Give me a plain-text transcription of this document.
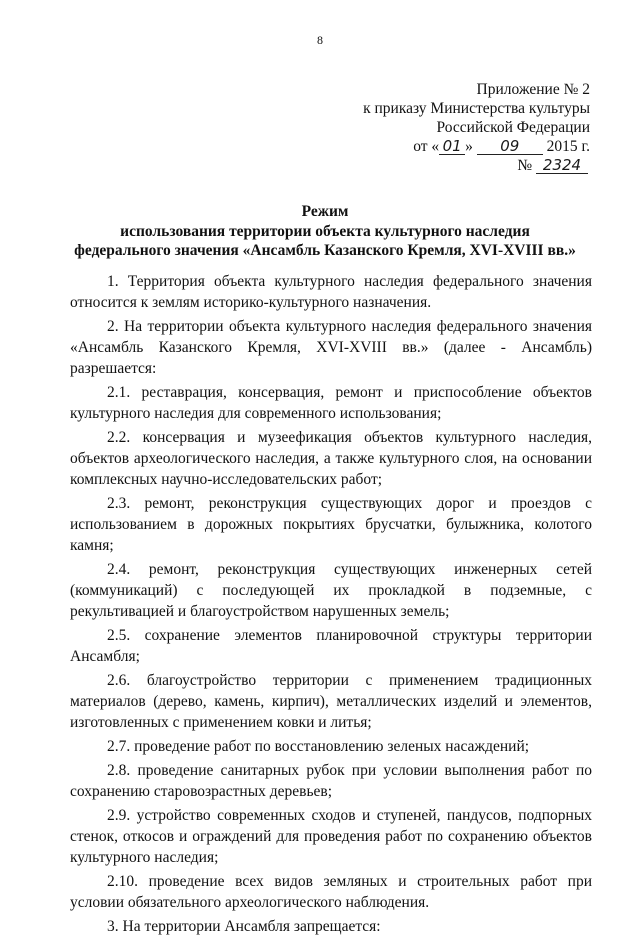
8
Приложение № 2
к приказу Министерства культуры
Российской Федерации
от « 01 » 09 2015 г.
№ 2324
Режим
использования территории объекта культурного наследия
федерального значения «Ансамбль Казанского Кремля, XVI-XVIII вв.»

1. Территория объекта культурного наследия федерального значения относится к землям историко-культурного назначения.

2. На территории объекта культурного наследия федерального значения «Ансамбль Казанского Кремля, XVI-XVIII вв.» (далее - Ансамбль) разрешается:

2.1. реставрация, консервация, ремонт и приспособление объектов культурного наследия для современного использования;

2.2. консервация и музеефикация объектов культурного наследия, объектов археологического наследия, а также культурного слоя, на основании комплексных научно-исследовательских работ;

2.3. ремонт, реконструкция существующих дорог и проездов с использованием в дорожных покрытиях брусчатки, булыжника, колотого камня;

2.4. ремонт, реконструкция существующих инженерных сетей (коммуникаций) с последующей их прокладкой в подземные, с рекультивацией и благоустройством нарушенных земель;

2.5. сохранение элементов планировочной структуры территории Ансамбля;

2.6. благоустройство территории с применением традиционных материалов (дерево, камень, кирпич), металлических изделий и элементов, изготовленных с применением ковки и литья;

2.7. проведение работ по восстановлению зеленых насаждений;

2.8. проведение санитарных рубок при условии выполнения работ по сохранению старовозрастных деревьев;

2.9. устройство современных сходов и ступеней, пандусов, подпорных стенок, откосов и ограждений для проведения работ по сохранению объектов культурного наследия;

2.10. проведение всех видов земляных и строительных работ при условии обязательного археологического наблюдения.

3. На территории Ансамбля запрещается:
